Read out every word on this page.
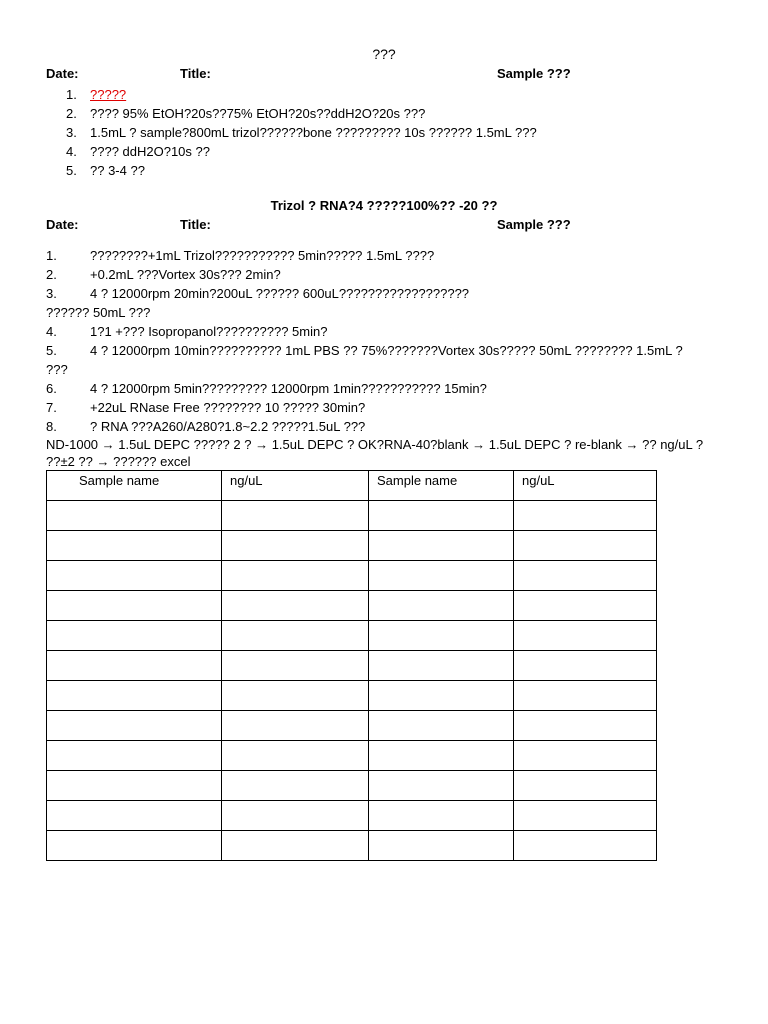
???
Date:	Title:	Sample ???
1. ?????
2. ???? 95% EtOH?20s??75% EtOH?20s??ddH2O?20s ???
3. 1.5mL ? sample?800mL trizol??????bone ????????? 10s ?????? 1.5mL ???
4. ???? ddH2O?10s ??
5. ?? 3-4 ??
Trizol ? RNA?4 ?????100%?? -20 ??
Date:	Title:	Sample ???
1.	????????+1mL Trizol??????????? 5min????? 1.5mL ????
2.	+0.2mL ???Vortex 30s??? 2min?
3.	4 ? 12000rpm 20min?200uL ?????? 600uL??????????????????
?????? 50mL ???
4.	1?1 +??? Isopropanol?????????? 5min?
5.	4 ? 12000rpm 10min?????????? 1mL PBS ?? 75%???????Vortex 30s????? 50mL ???????? 1.5mL ?
???
6.	4 ? 12000rpm 5min????????? 12000rpm 1min??????????? 15min?
7.	+22uL RNase Free ???????? 10 ????? 30min?
8.	? RNA ???A260/A280?1.8~2.2 ?????1.5uL ???
ND-1000 → 1.5uL DEPC ????? 2 ? → 1.5uL DEPC ? OK?RNA-40?blank → 1.5uL DEPC ? re-blank → ?? ng/uL ?
??±2 ?? → ?????? excel
Sample name	ng/uL	Sample name	ng/uL
